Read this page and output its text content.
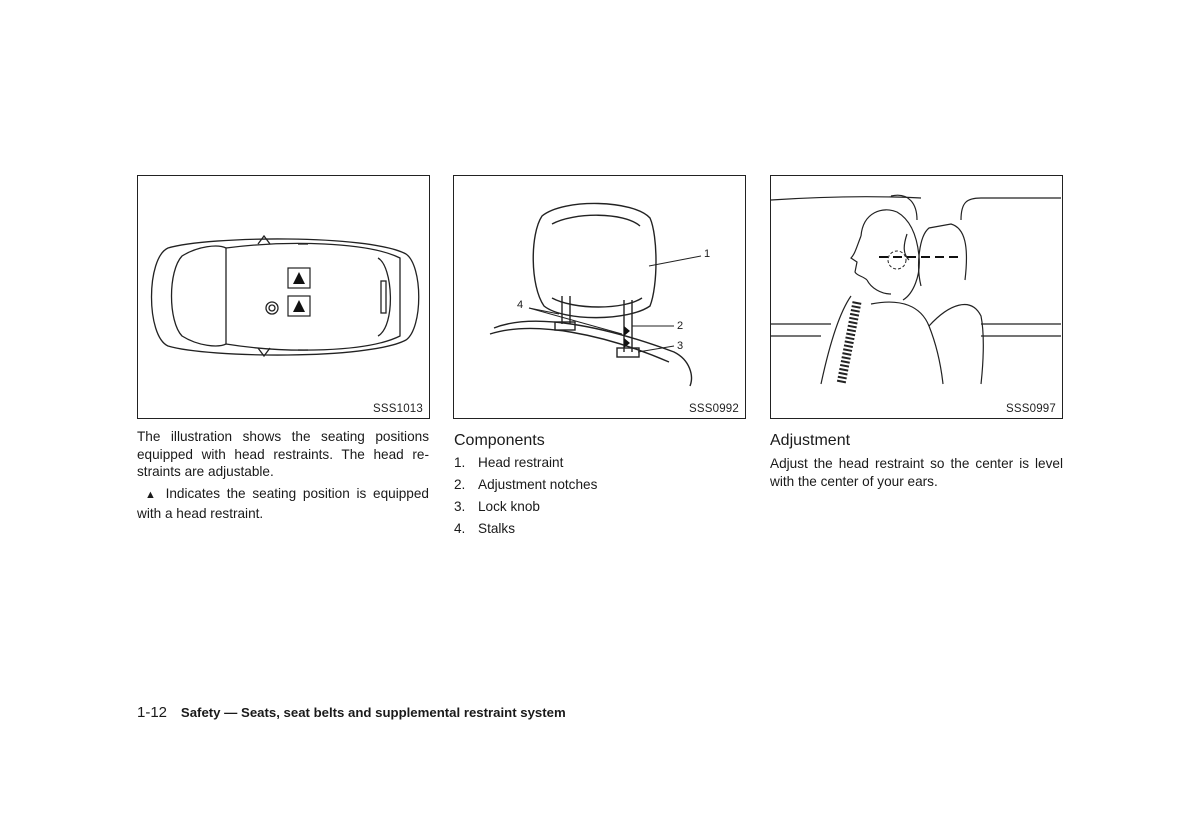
SSS1013
1
2
3
4
SSS0992	SSS0997
The illustration shows the seating positions equipped with head restraints. The head re-straints are adjustable.
▲ Indicates the seating position is equipped with a head restraint.
Components
1. Head restraint
2. Adjustment notches
3. Lock knob
4. Stalks
Adjustment
Adjust the head restraint so the center is level with the center of your ears.
1-12 Safety — Seats, seat belts and supplemental restraint system
